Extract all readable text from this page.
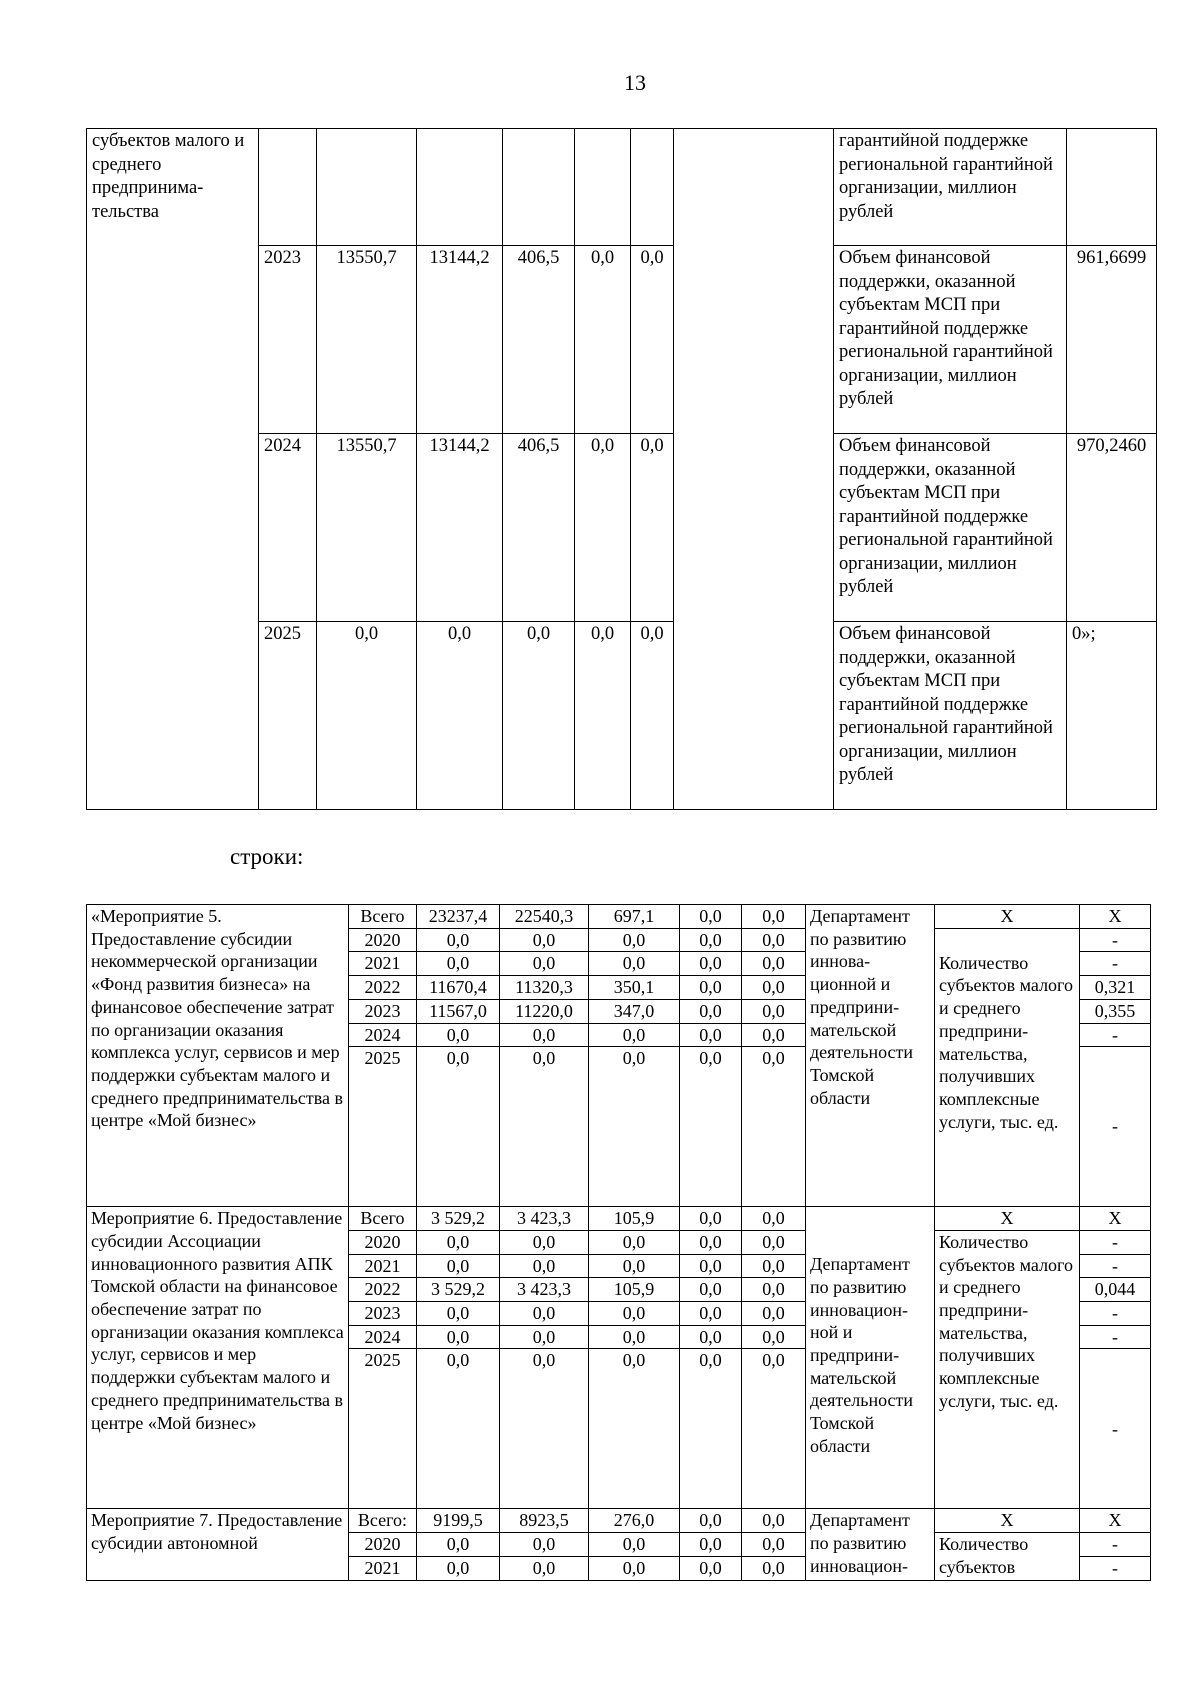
13
субъектов малого и среднего предпринима-тельства								гарантийной поддержке региональной гарантийной организации, миллион рублей	
	2023	13550,7	13144,2	406,5	0,0	0,0		Объем финансовой поддержки, оказанной субъектам МСП при гарантийной поддержке региональной гарантийной организации, миллион рублей	961,6699
	2024	13550,7	13144,2	406,5	0,0	0,0		Объем финансовой поддержки, оказанной субъектам МСП при гарантийной поддержке региональной гарантийной организации, миллион рублей	970,2460
	2025	0,0	0,0	0,0	0,0	0,0		Объем финансовой поддержки, оказанной субъектам МСП при гарантийной поддержке региональной гарантийной организации, миллион рублей	0»;
строки:
«Мероприятие 5. Предоставление субсидии некоммерческой организации «Фонд развития бизнеса» на финансовое обеспечение затрат по организации оказания комплекса услуг, сервисов и мер поддержки субъектам малого и среднего предпринимательства в центре «Мой бизнес»	Всего	23237,4	22540,3	697,1	0,0	0,0	Департамент по развитию иннова-ционной и предприни-мательской деятельности Томской области	Х	Х
	2020	0,0	0,0	0,0	0,0	0,0		Количество субъектов малого и среднего предприни-мательства, получивших комплексные услуги, тыс. ед.	-
	2021	0,0	0,0	0,0	0,0	0,0			-
	2022	11670,4	11320,3	350,1	0,0	0,0			0,321
	2023	11567,0	11220,0	347,0	0,0	0,0			0,355
	2024	0,0	0,0	0,0	0,0	0,0			-
	2025	0,0	0,0	0,0	0,0	0,0			-
Мероприятие 6. Предоставление субсидии Ассоциации инновационного развития АПК Томской области на финансовое обеспечение затрат по организации оказания комплекса услуг, сервисов и мер поддержки субъектам малого и среднего предпринимательства в центре «Мой бизнес»	Всего	3 529,2	3 423,3	105,9	0,0	0,0	Департамент по развитию инновацион-ной и предприни-мательской деятельности Томской области	Х	Х
	2020	0,0	0,0	0,0	0,0	0,0		Количество субъектов малого и среднего предприни-мательства, получивших комплексные услуги, тыс. ед.	-
	2021	0,0	0,0	0,0	0,0	0,0			-
	2022	3 529,2	3 423,3	105,9	0,0	0,0			0,044
	2023	0,0	0,0	0,0	0,0	0,0			-
	2024	0,0	0,0	0,0	0,0	0,0			-
	2025	0,0	0,0	0,0	0,0	0,0			-
Мероприятие 7. Предоставление субсидии автономной	Всего:	9199,5	8923,5	276,0	0,0	0,0	Департамент по развитию инновацион-	Х	Х
	2020	0,0	0,0	0,0	0,0	0,0		Количество субъектов	-
	2021	0,0	0,0	0,0	0,0	0,0			-
